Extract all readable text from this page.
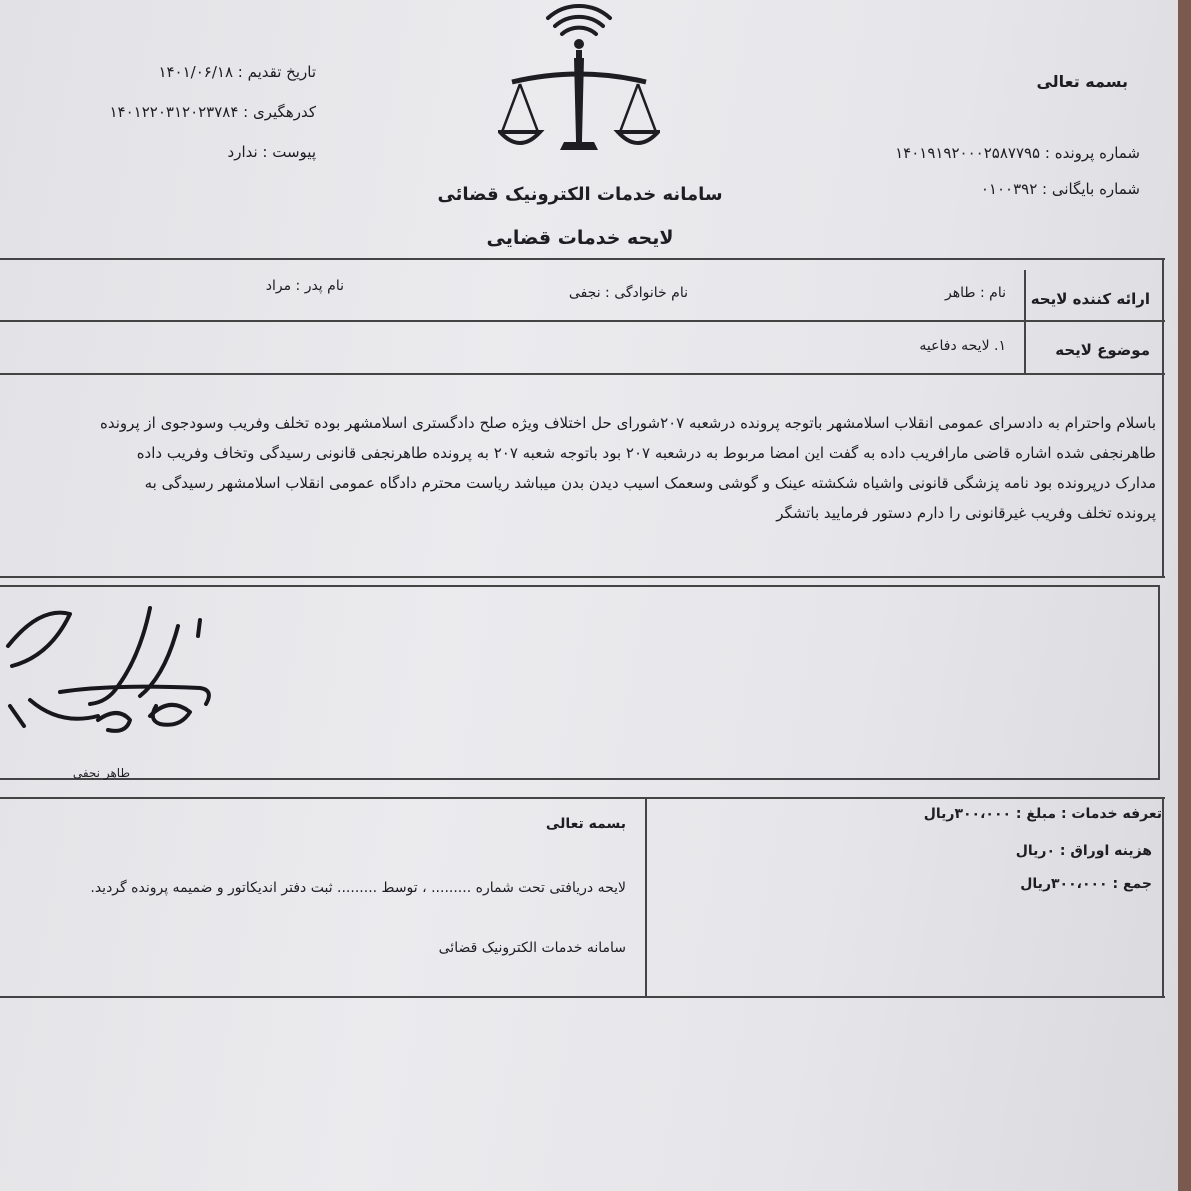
بسمه تعالی
شماره پرونده : ۱۴۰۱۹۱۹۲۰۰۰۲۵۸۷۷۹۵
شماره بایگانی : ۰۱۰۰۳۹۲
تاریخ تقدیم : ۱۴۰۱/۰۶/۱۸
کدرهگیری : ۱۴۰۱۲۲۰۳۱۲۰۲۳۷۸۴
پیوست : ندارد
سامانه خدمات الکترونیک قضائی
لایحه خدمات قضایی
ارائه کننده لایحه
نام : طاهر
نام خانوادگی : نجفی
نام پدر : مراد
موضوع لایحه
۱. لایحه دفاعیه
باسلام واحترام به دادسرای عمومی انقلاب اسلامشهر باتوجه پرونده درشعبه ۲۰۷شورای حل اختلاف ویژه صلح دادگستری اسلامشهر بوده تخلف وفریب وسودجوی از پرونده
طاهرنجفی شده اشاره قاضی مارافریب داده به گفت این امضا مربوط به درشعبه ۲۰۷ بود باتوجه شعبه ۲۰۷ به پرونده طاهرنجفی قانونی رسیدگی وتخاف وفریب داده
مدارک درپرونده بود نامه پزشگی قانونی واشیاه شکشته عینک و گوشی وسعمک اسیب دیدن بدن میباشد ریاست محترم دادگاه عمومی انقلاب اسلامشهر رسیدگی به
پرونده تخلف وفریب غیرقانونی را دارم دستور فرمایید باتشگر
طاهر نجفی
تعرفه خدمات : مبلغ : ۳۰۰،۰۰۰ریال
هزینه اوراق : ۰ریال
جمع : ۳۰۰،۰۰۰ریال
بسمه تعالی
لایحه دریافتی تحت شماره ......... ، توسط ......... ثبت دفتر اندیکاتور و ضمیمه پرونده گردید.
سامانه خدمات الکترونیک قضائی
